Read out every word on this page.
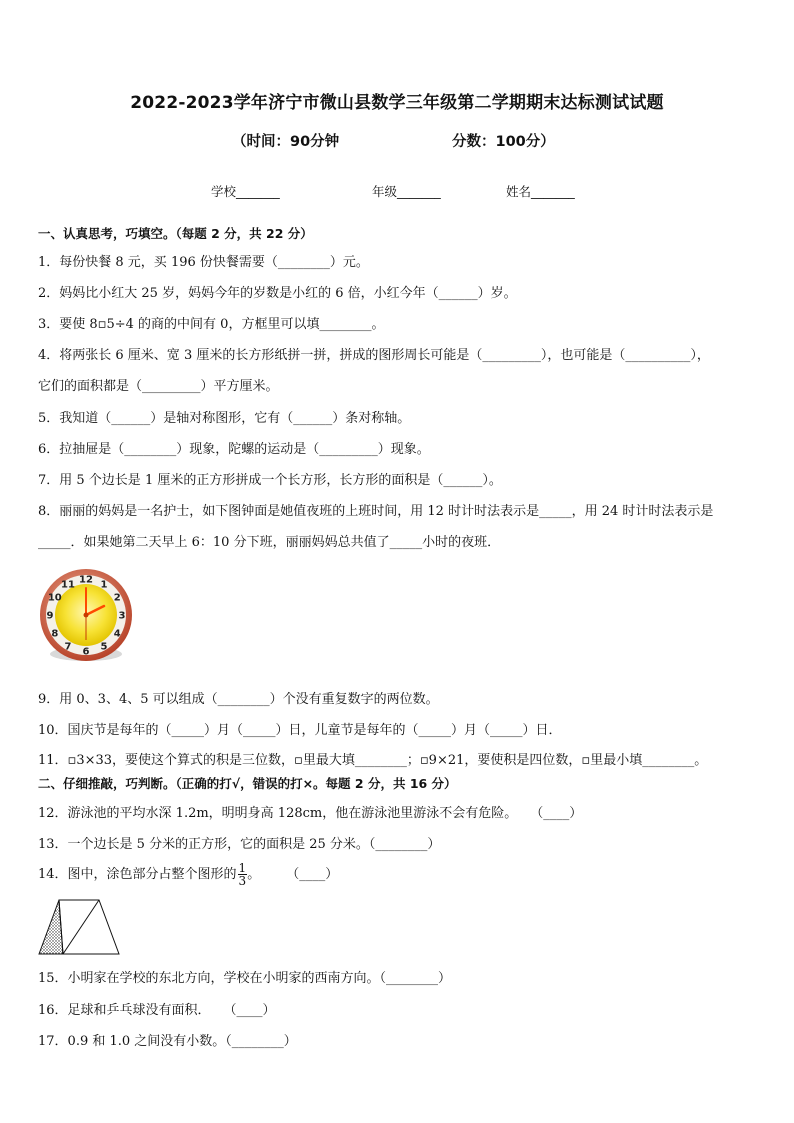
2022-2023学年济宁市微山县数学三年级第二学期期末达标测试试题
（时间：90分钟	分数：100分）
学校_______	年级_______	姓名_______
一、认真思考，巧填空。（每题 2 分，共 22 分）
1．每份快餐 8 元，买 196 份快餐需要（________）元。
2．妈妈比小红大 25 岁，妈妈今年的岁数是小红的 6 倍，小红今年（______）岁。
3．要使 8▫5÷4 的商的中间有 0，方框里可以填________。
4．将两张长 6 厘米、宽 3 厘米的长方形纸拼一拼，拼成的图形周长可能是（_________），也可能是（__________），
它们的面积都是（_________）平方厘米。
5．我知道（______）是轴对称图形，它有（______）条对称轴。
6．拉抽屉是（________）现象，陀螺的运动是（_________）现象。
7．用 5 个边长是 1 厘米的正方形拼成一个长方形，长方形的面积是（______）。
8．丽丽的妈妈是一名护士，如下图钟面是她值夜班的上班时间，用 12 时计时法表示是_____，用 24 时计时法表示是
_____．如果她第二天早上 6：10 分下班，丽丽妈妈总共值了_____小时的夜班．
12 1
2
3
4
5
6
7
8
9
10
11
9．用 0、3、4、5 可以组成（________）个没有重复数字的两位数。
10．国庆节是每年的（_____）月（_____）日，儿童节是每年的（_____）月（_____）日．
11．▫3×33，要使这个算式的积是三位数，▫里最大填________；▫9×21，要使积是四位数，▫里最小填________。
二、仔细推敲，巧判断。（正确的打√，错误的打×。每题 2 分，共 16 分）
12．游泳池的平均水深 1.2m，明明身高 128cm，他在游泳池里游泳不会有危险。　　（____）
13．一个边长是 5 分米的正方形，它的面积是 25 分米。（________）
14．图中，涂色部分占整个图形的 $\frac{1}{3}$ 。　　　（____）
15．小明家在学校的东北方向，学校在小明家的西南方向。（________）
16．足球和乒乓球没有面积．　　（____）
17．0.9 和 1.0 之间没有小数。（________）
